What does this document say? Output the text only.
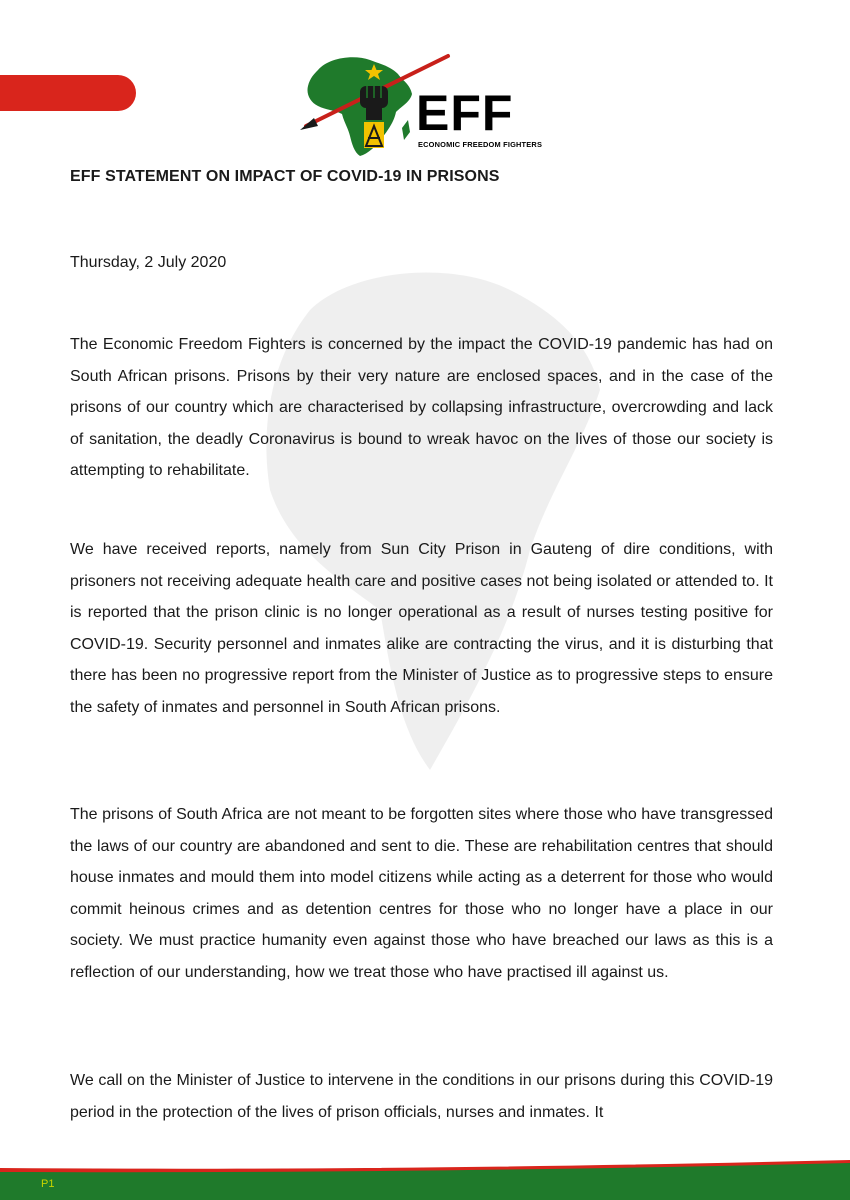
EFF
ECONOMIC FREEDOM FIGHTERS
EFF STATEMENT ON IMPACT OF COVID-19 IN PRISONS
Thursday, 2 July 2020

The Economic Freedom Fighters is concerned by the impact the COVID-19 pandemic has had on South African prisons. Prisons by their very nature are enclosed spaces, and in the case of the prisons of our country which are characterised by collapsing infrastructure, overcrowding and lack of sanitation, the deadly Coronavirus is bound to wreak havoc on the lives of those our society is attempting to rehabilitate.

We have received reports, namely from Sun City Prison in Gauteng of dire conditions, with prisoners not receiving adequate health care and positive cases not being isolated or attended to. It is reported that the prison clinic is no longer operational as a result of nurses testing positive for COVID-19. Security personnel and inmates alike are contracting the virus, and it is disturbing that there has been no progressive report from the Minister of Justice as to progressive steps to ensure the safety of inmates and personnel in South African prisons.

The prisons of South Africa are not meant to be forgotten sites where those who have transgressed the laws of our country are abandoned and sent to die. These are rehabilitation centres that should house inmates and mould them into model citizens while acting as a deterrent for those who would commit heinous crimes and as detention centres for those who no longer have a place in our society. We must practice humanity even against those who have breached our laws as this is a reflection of our understanding, how we treat those who have practised ill against us.

We call on the Minister of Justice to intervene in the conditions in our prisons during this COVID-19 period in the protection of the lives of prison officials, nurses and inmates. It

P1
